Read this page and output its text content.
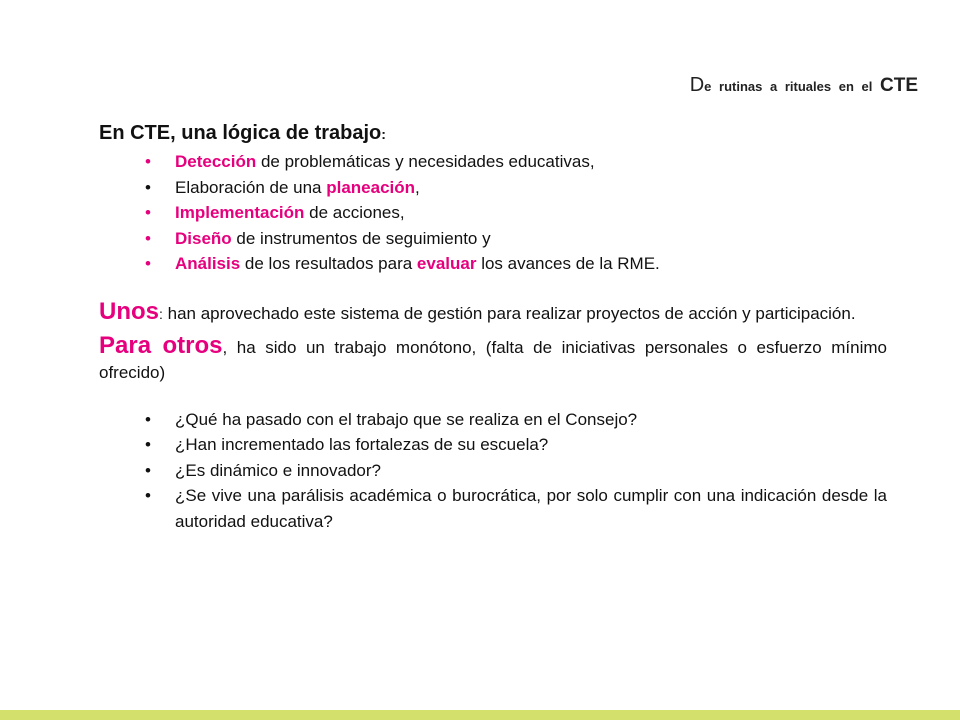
De rutinas a rituales en el CTE

En CTE, una lógica de trabajo:

• Detección de problemáticas y necesidades educativas,
• Elaboración de una planeación,
• Implementación de acciones,
• Diseño de instrumentos de seguimiento y
• Análisis de los resultados para evaluar los avances de la RME.

Unos: han aprovechado este sistema de gestión para realizar proyectos de acción y participación.

Para otros, ha sido un trabajo monótono, (falta de iniciativas personales o esfuerzo mínimo ofrecido)

• ¿Qué ha pasado con el trabajo que se realiza en el Consejo?
• ¿Han incrementado las fortalezas de su escuela?
• ¿Es dinámico e innovador?
• ¿Se vive una parálisis académica o burocrática, por solo cumplir con una indicación desde la autoridad educativa?
